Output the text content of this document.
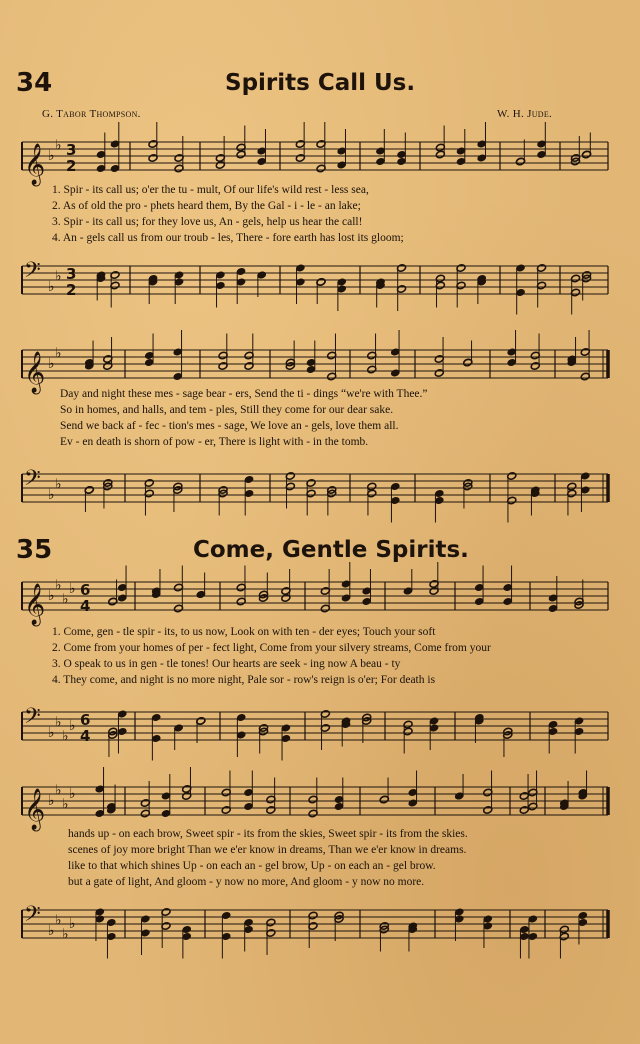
34	Spirits Call Us.
G. Tabor Thompson.	W. H. Jude.
𝄞 ♭
♭ 3
2
1. Spir - its call us; o'er the tu - mult, Of our life's wild rest - less sea,
2. As of old the pro - phets heard them, By the Gal - i - le - an lake;
3. Spir - its call us; for they love us, An - gels, help us hear the call!
4. An - gels call us from our troub - les, There - fore earth has lost its gloom;
𝄢 ♭
♭ 3
2
𝄞 ♭
♭
Day and night these mes - sage bear - ers, Send the ti - dings “we're with Thee.”
So in homes, and halls, and tem - ples, Still they come for our dear sake.
Send we back af - fec - tion's mes - sage, We love an - gels, love them all.
Ev - en death is shorn of pow - er, There is light with - in the tomb.
𝄢 ♭
♭
35	Come, Gentle Spirits.
𝄞 ♭
♭
♭
♭ 6
4
1. Come, gen - tle spir - its, to us now, Look on with ten - der eyes; Touch your soft
2. Come from your homes of per - fect light, Come from your silvery streams, Come from your
3. O speak to us in gen - tle tones! Our hearts are seek - ing now A beau - ty
4. They come, and night is no more night, Pale sor - row's reign is o'er; For death is
𝄢 ♭
♭
♭
♭ 6
4
𝄞 ♭
♭
♭
♭
hands up - on each brow, Sweet spir - its from the skies, Sweet spir - its from the skies.
scenes of joy more bright Than we e'er know in dreams, Than we e'er know in dreams.
like to that which shines Up - on each an - gel brow, Up - on each an - gel brow.
but a gate of light, And gloom - y now no more, And gloom - y now no more.
𝄢 ♭
♭
♭
♭
